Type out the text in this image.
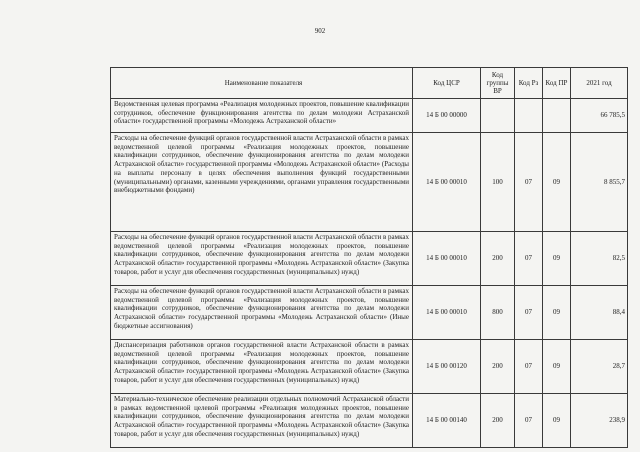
902
Наименование показателя	Код ЦСР	Код группы ВР	Код Рз	Код ПР	2021 год
Ведомственная целевая программа «Реализация молодежных проектов, повышение квалификации сотрудников, обеспечение функционирования агентства по делам молодежи Астраханской области» государственной программы «Молодежь Астраханской области»	14 Б 00 00000				66 785,5
Расходы на обеспечение функций органов государственной власти Астраханской области в рамках ведомственной целевой программы «Реализация молодежных проектов, повышение квалификации сотрудников, обеспечение функционирования агентства по делам молодежи Астраханской области» государственной программы «Молодежь Астраханской области» (Расходы на выплаты персоналу в целях обеспечения выполнения функций государственными (муниципальными) органами, казенными учреждениями, органами управления государственными внебюджетными фондами)	14 Б 00 00010	100	07	09	8 855,7
Расходы на обеспечение функций органов государственной власти Астраханской области в рамках ведомственной целевой программы «Реализация молодежных проектов, повышение квалификации сотрудников, обеспечение функционирования агентства по делам молодежи Астраханской области» государственной программы «Молодежь Астраханской области» (Закупка товаров, работ и услуг для обеспечения государственных (муниципальных) нужд)	14 Б 00 00010	200	07	09	82,5
Расходы на обеспечение функций органов государственной власти Астраханской области в рамках ведомственной целевой программы «Реализация молодежных проектов, повышение квалификации сотрудников, обеспечение функционирования агентства по делам молодежи Астраханской области» государственной программы «Молодежь Астраханской области» (Иные бюджетные ассигнования)	14 Б 00 00010	800	07	09	88,4
Диспансеризация работников органов государственной власти Астраханской области в рамках ведомственной целевой программы «Реализация молодежных проектов, повышение квалификации сотрудников, обеспечение функционирования агентства по делам молодежи Астраханской области» государственной программы «Молодежь Астраханской области» (Закупка товаров, работ и услуг для обеспечения государственных (муниципальных) нужд)	14 Б 00 00120	200	07	09	28,7
Материально-техническое обеспечение реализации отдельных полномочий Астраханской области в рамках ведомственной целевой программы «Реализация молодежных проектов, повышение квалификации сотрудников, обеспечение функционирования агентства по делам молодежи Астраханской области» государственной программы «Молодежь Астраханской области» (Закупка товаров, работ и услуг для обеспечения государственных (муниципальных) нужд)	14 Б 00 00140	200	07	09	238,9
